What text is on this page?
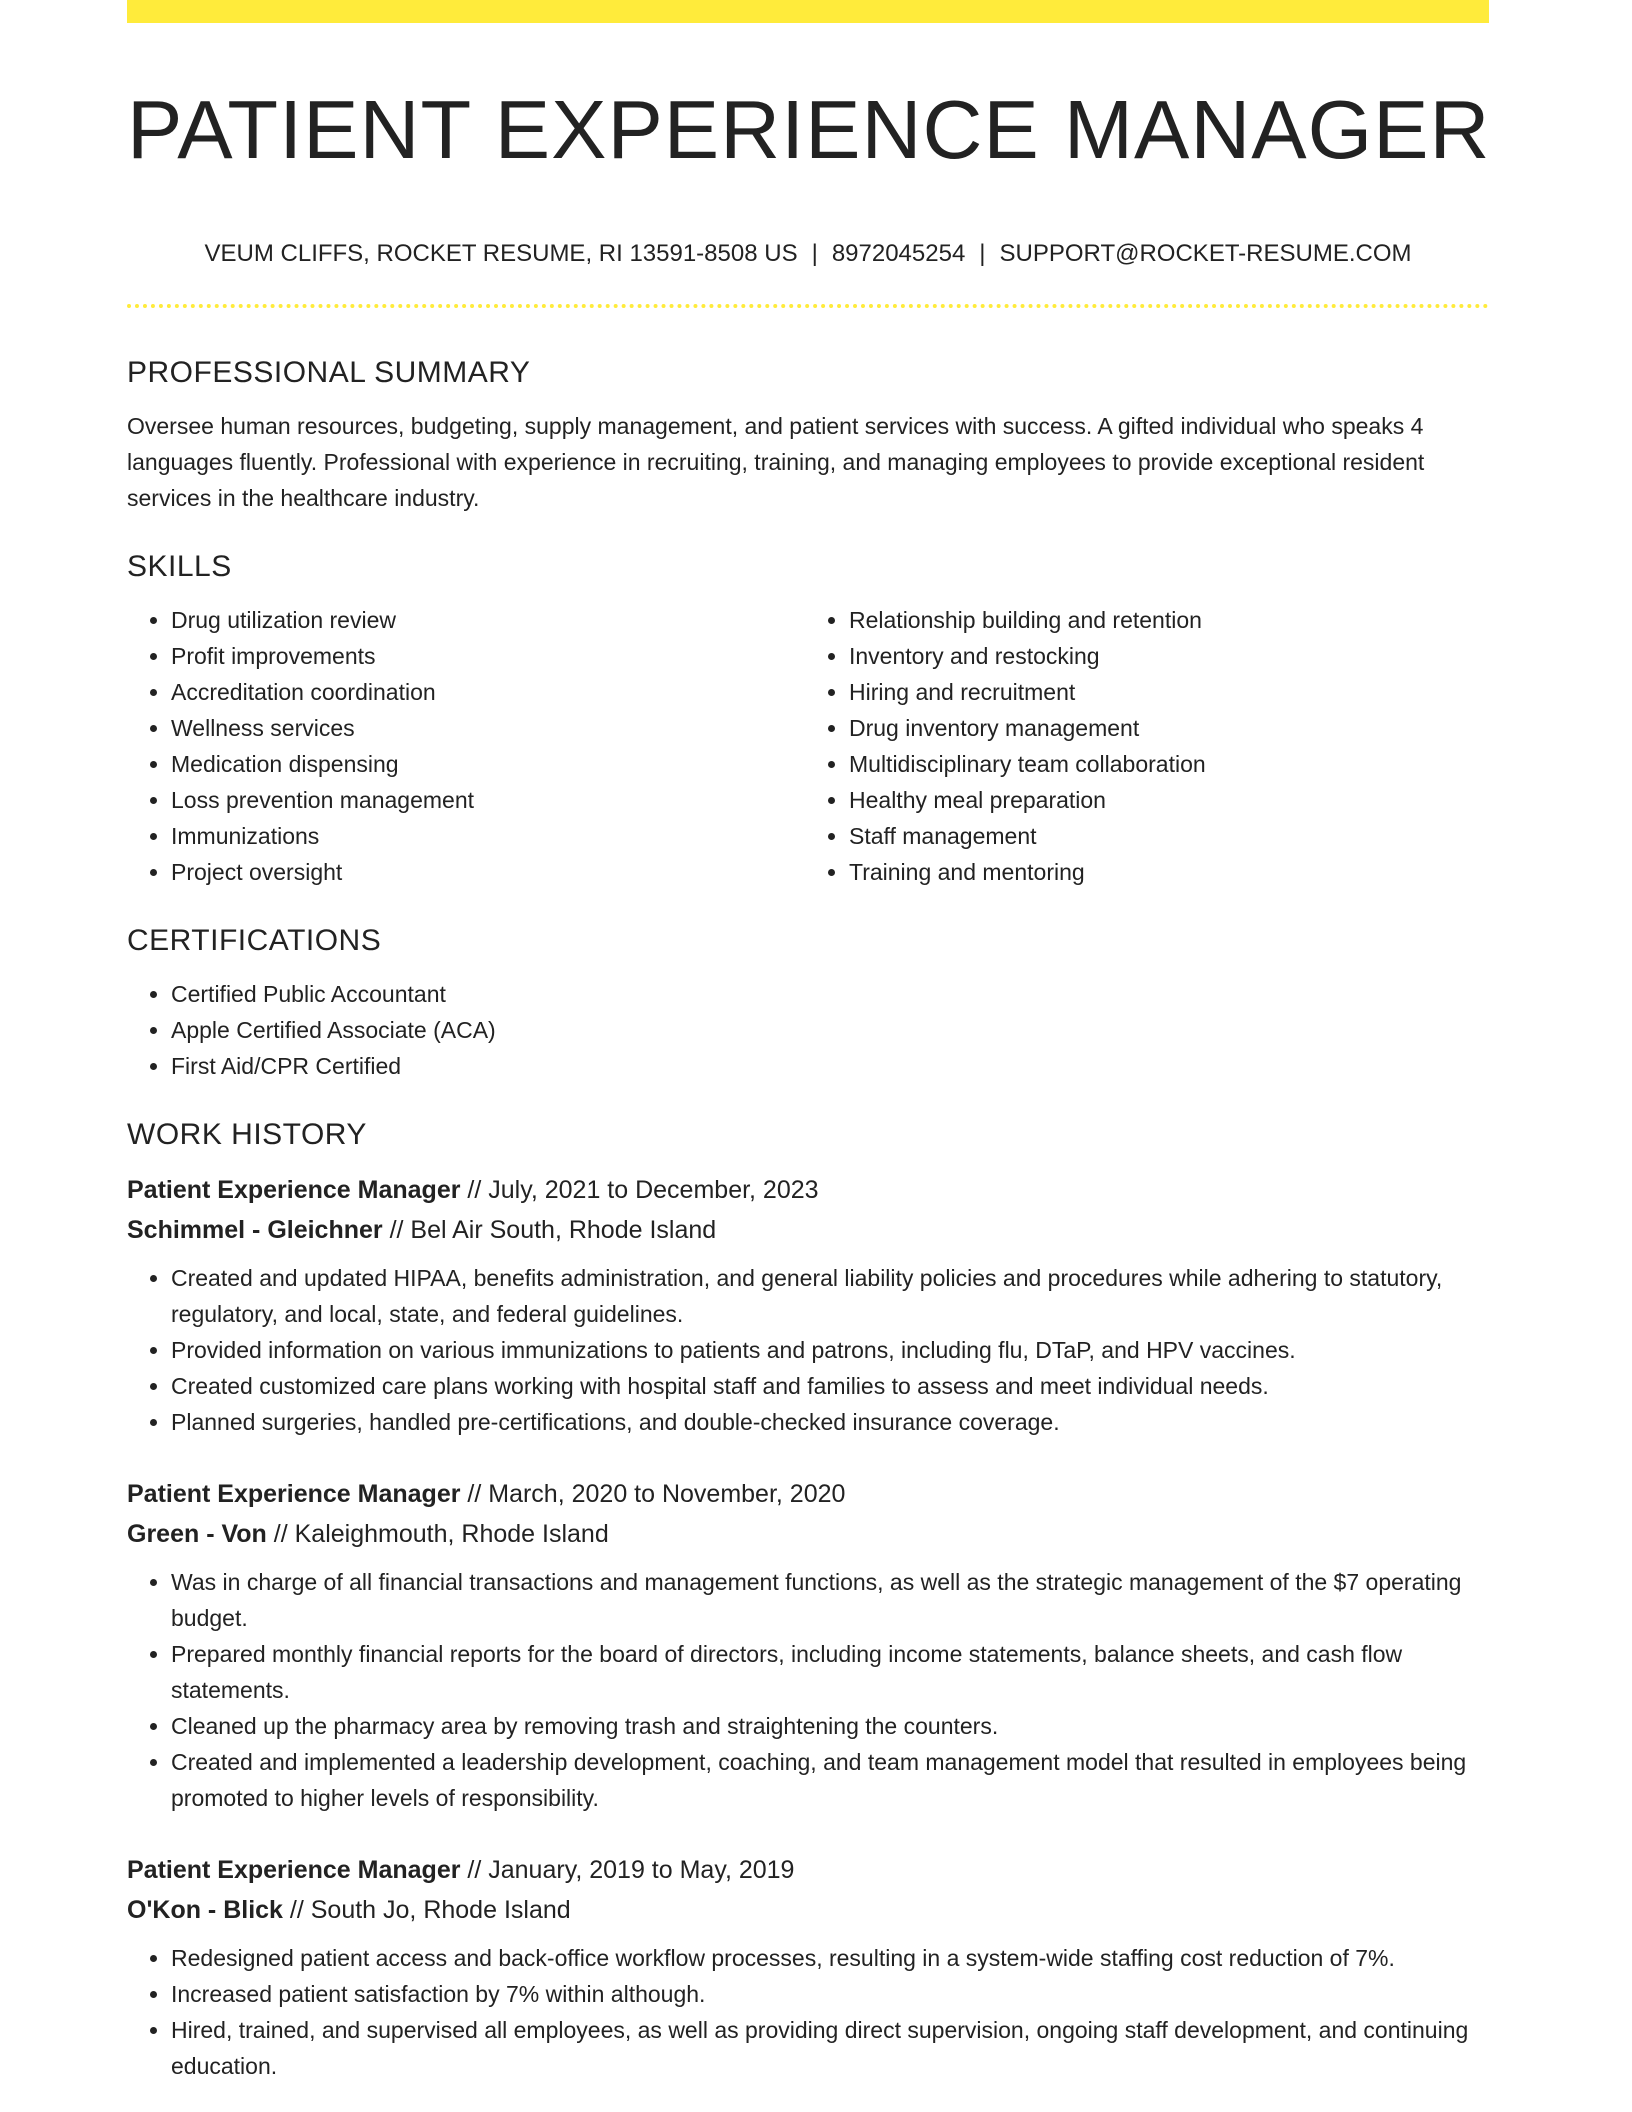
PATIENT EXPERIENCE MANAGER
VEUM CLIFFS, ROCKET RESUME, RI 13591-8508 US | 8972045254 | SUPPORT@ROCKET-RESUME.COM
PROFESSIONAL SUMMARY

Oversee human resources, budgeting, supply management, and patient services with success. A gifted individual who speaks 4 languages fluently. Professional with experience in recruiting, training, and managing employees to provide exceptional resident services in the healthcare industry.

SKILLS
• Drug utilization review
• Profit improvements
• Accreditation coordination
• Wellness services
• Medication dispensing
• Loss prevention management
• Immunizations
• Project oversight
• Relationship building and retention
• Inventory and restocking
• Hiring and recruitment
• Drug inventory management
• Multidisciplinary team collaboration
• Healthy meal preparation
• Staff management
• Training and mentoring
CERTIFICATIONS
• Certified Public Accountant
• Apple Certified Associate (ACA)
• First Aid/CPR Certified
WORK HISTORY
Patient Experience Manager // July, 2021 to December, 2023
Schimmel - Gleichner // Bel Air South, Rhode Island
• Created and updated HIPAA, benefits administration, and general liability policies and procedures while adhering to statutory, regulatory, and local, state, and federal guidelines.
• Provided information on various immunizations to patients and patrons, including flu, DTaP, and HPV vaccines.
• Created customized care plans working with hospital staff and families to assess and meet individual needs.
• Planned surgeries, handled pre-certifications, and double-checked insurance coverage.
Patient Experience Manager // March, 2020 to November, 2020
Green - Von // Kaleighmouth, Rhode Island
• Was in charge of all financial transactions and management functions, as well as the strategic management of the $7 operating budget.
• Prepared monthly financial reports for the board of directors, including income statements, balance sheets, and cash flow statements.
• Cleaned up the pharmacy area by removing trash and straightening the counters.
• Created and implemented a leadership development, coaching, and team management model that resulted in employees being promoted to higher levels of responsibility.
Patient Experience Manager // January, 2019 to May, 2019
O'Kon - Blick // South Jo, Rhode Island
• Redesigned patient access and back-office workflow processes, resulting in a system-wide staffing cost reduction of 7%.
• Increased patient satisfaction by 7% within although.
• Hired, trained, and supervised all employees, as well as providing direct supervision, ongoing staff development, and continuing education.
